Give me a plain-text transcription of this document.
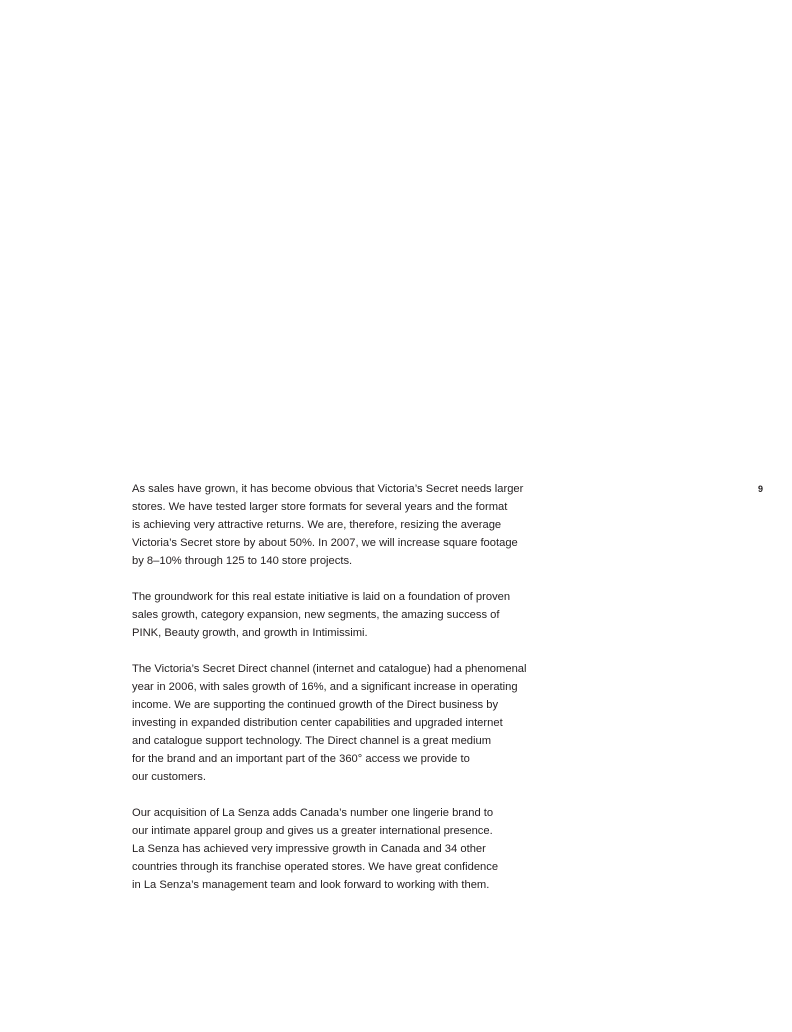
9

As sales have grown, it has become obvious that Victoria’s Secret needs larger
stores. We have tested larger store formats for several years and the format
is achieving very attractive returns. We are, therefore, resizing the average
Victoria’s Secret store by about 50%. In 2007, we will increase square footage
by 8–10% through 125 to 140 store projects.

The groundwork for this real estate initiative is laid on a foundation of proven
sales growth, category expansion, new segments, the amazing success of
PINK, Beauty growth, and growth in Intimissimi.

The Victoria’s Secret Direct channel (internet and catalogue) had a phenomenal
year in 2006, with sales growth of 16%, and a significant increase in operating
income. We are supporting the continued growth of the Direct business by
investing in expanded distribution center capabilities and upgraded internet
and catalogue support technology. The Direct channel is a great medium
for the brand and an important part of the 360° access we provide to
our customers.

Our acquisition of La Senza adds Canada’s number one lingerie brand to
our intimate apparel group and gives us a greater international presence.
La Senza has achieved very impressive growth in Canada and 34 other
countries through its franchise operated stores. We have great confidence
in La Senza’s management team and look forward to working with them.
